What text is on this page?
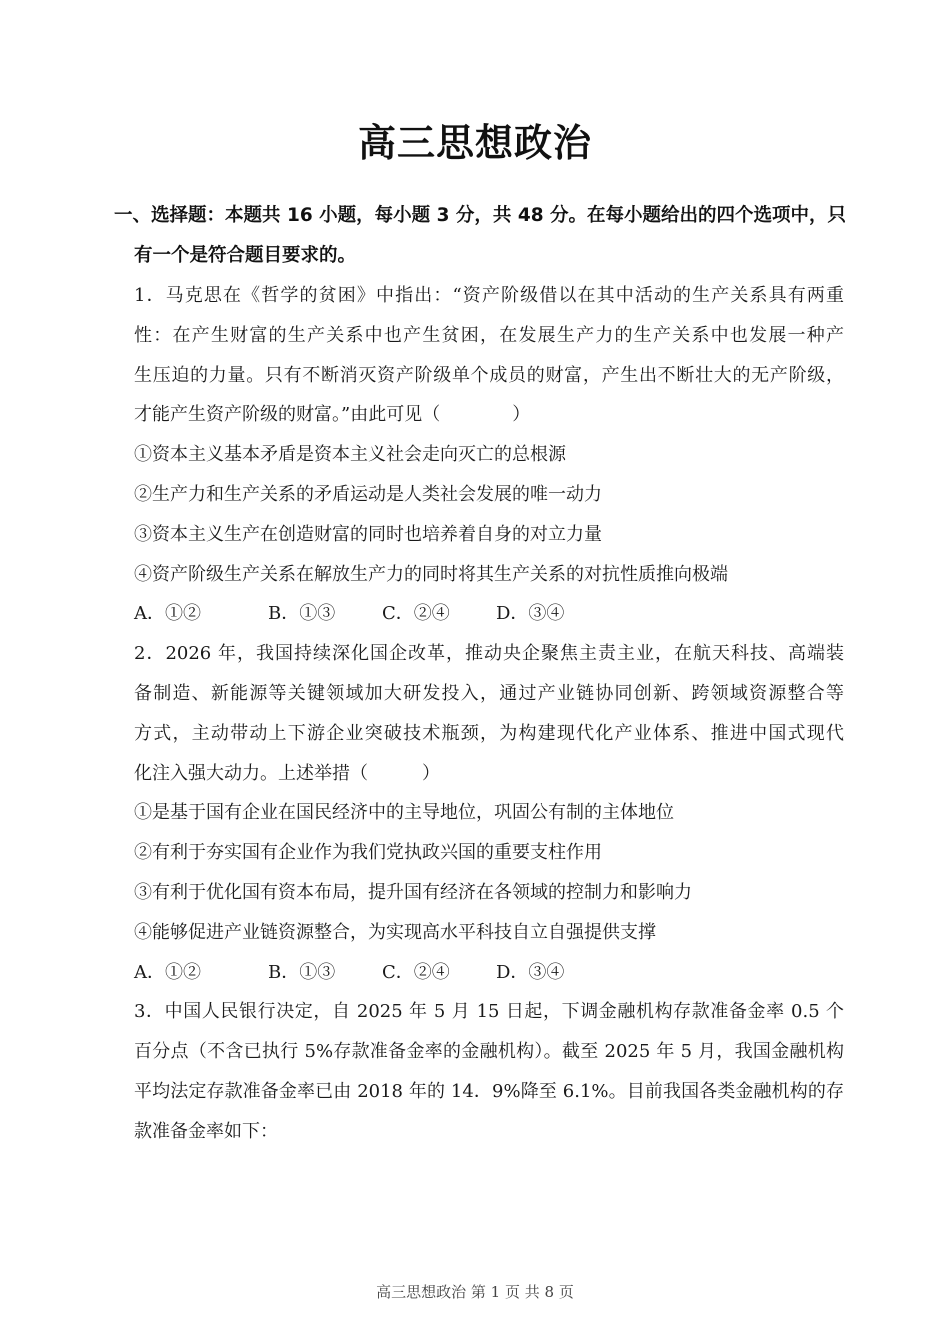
高三思想政治
一、选择题：本题共 16 小题，每小题 3 分，共 48 分。在每小题给出的四个选项中，只
有一个是符合题目要求的。
1．马克思在《哲学的贫困》中指出：“资产阶级借以在其中活动的生产关系具有两重
性：在产生财富的生产关系中也产生贫困，在发展生产力的生产关系中也发展一种产
生压迫的力量。只有不断消灭资产阶级单个成员的财富，产生出不断壮大的无产阶级，
才能产生资产阶级的财富。”由此可见（　　　　）
①资本主义基本矛盾是资本主义社会走向灭亡的总根源
②生产力和生产关系的矛盾运动是人类社会发展的唯一动力
③资本主义生产在创造财富的同时也培养着自身的对立力量
④资产阶级生产关系在解放生产力的同时将其生产关系的对抗性质推向极端
A．①②	B．①③	C．②④	D．③④
2．2026 年，我国持续深化国企改革，推动央企聚焦主责主业，在航天科技、高端装
备制造、新能源等关键领域加大研发投入，通过产业链协同创新、跨领域资源整合等
方式，主动带动上下游企业突破技术瓶颈，为构建现代化产业体系、推进中国式现代
化注入强大动力。上述举措（　　　）
①是基于国有企业在国民经济中的主导地位，巩固公有制的主体地位
②有利于夯实国有企业作为我们党执政兴国的重要支柱作用
③有利于优化国有资本布局，提升国有经济在各领域的控制力和影响力
④能够促进产业链资源整合，为实现高水平科技自立自强提供支撑
A．①②	B．①③	C．②④	D．③④
3．中国人民银行决定，自 2025 年 5 月 15 日起，下调金融机构存款准备金率 0.5 个
百分点（不含已执行 5%存款准备金率的金融机构）。截至 2025 年 5 月，我国金融机构
平均法定存款准备金率已由 2018 年的 14．9%降至 6.1%。目前我国各类金融机构的存
款准备金率如下：
高三思想政治 第 1 页 共 8 页
